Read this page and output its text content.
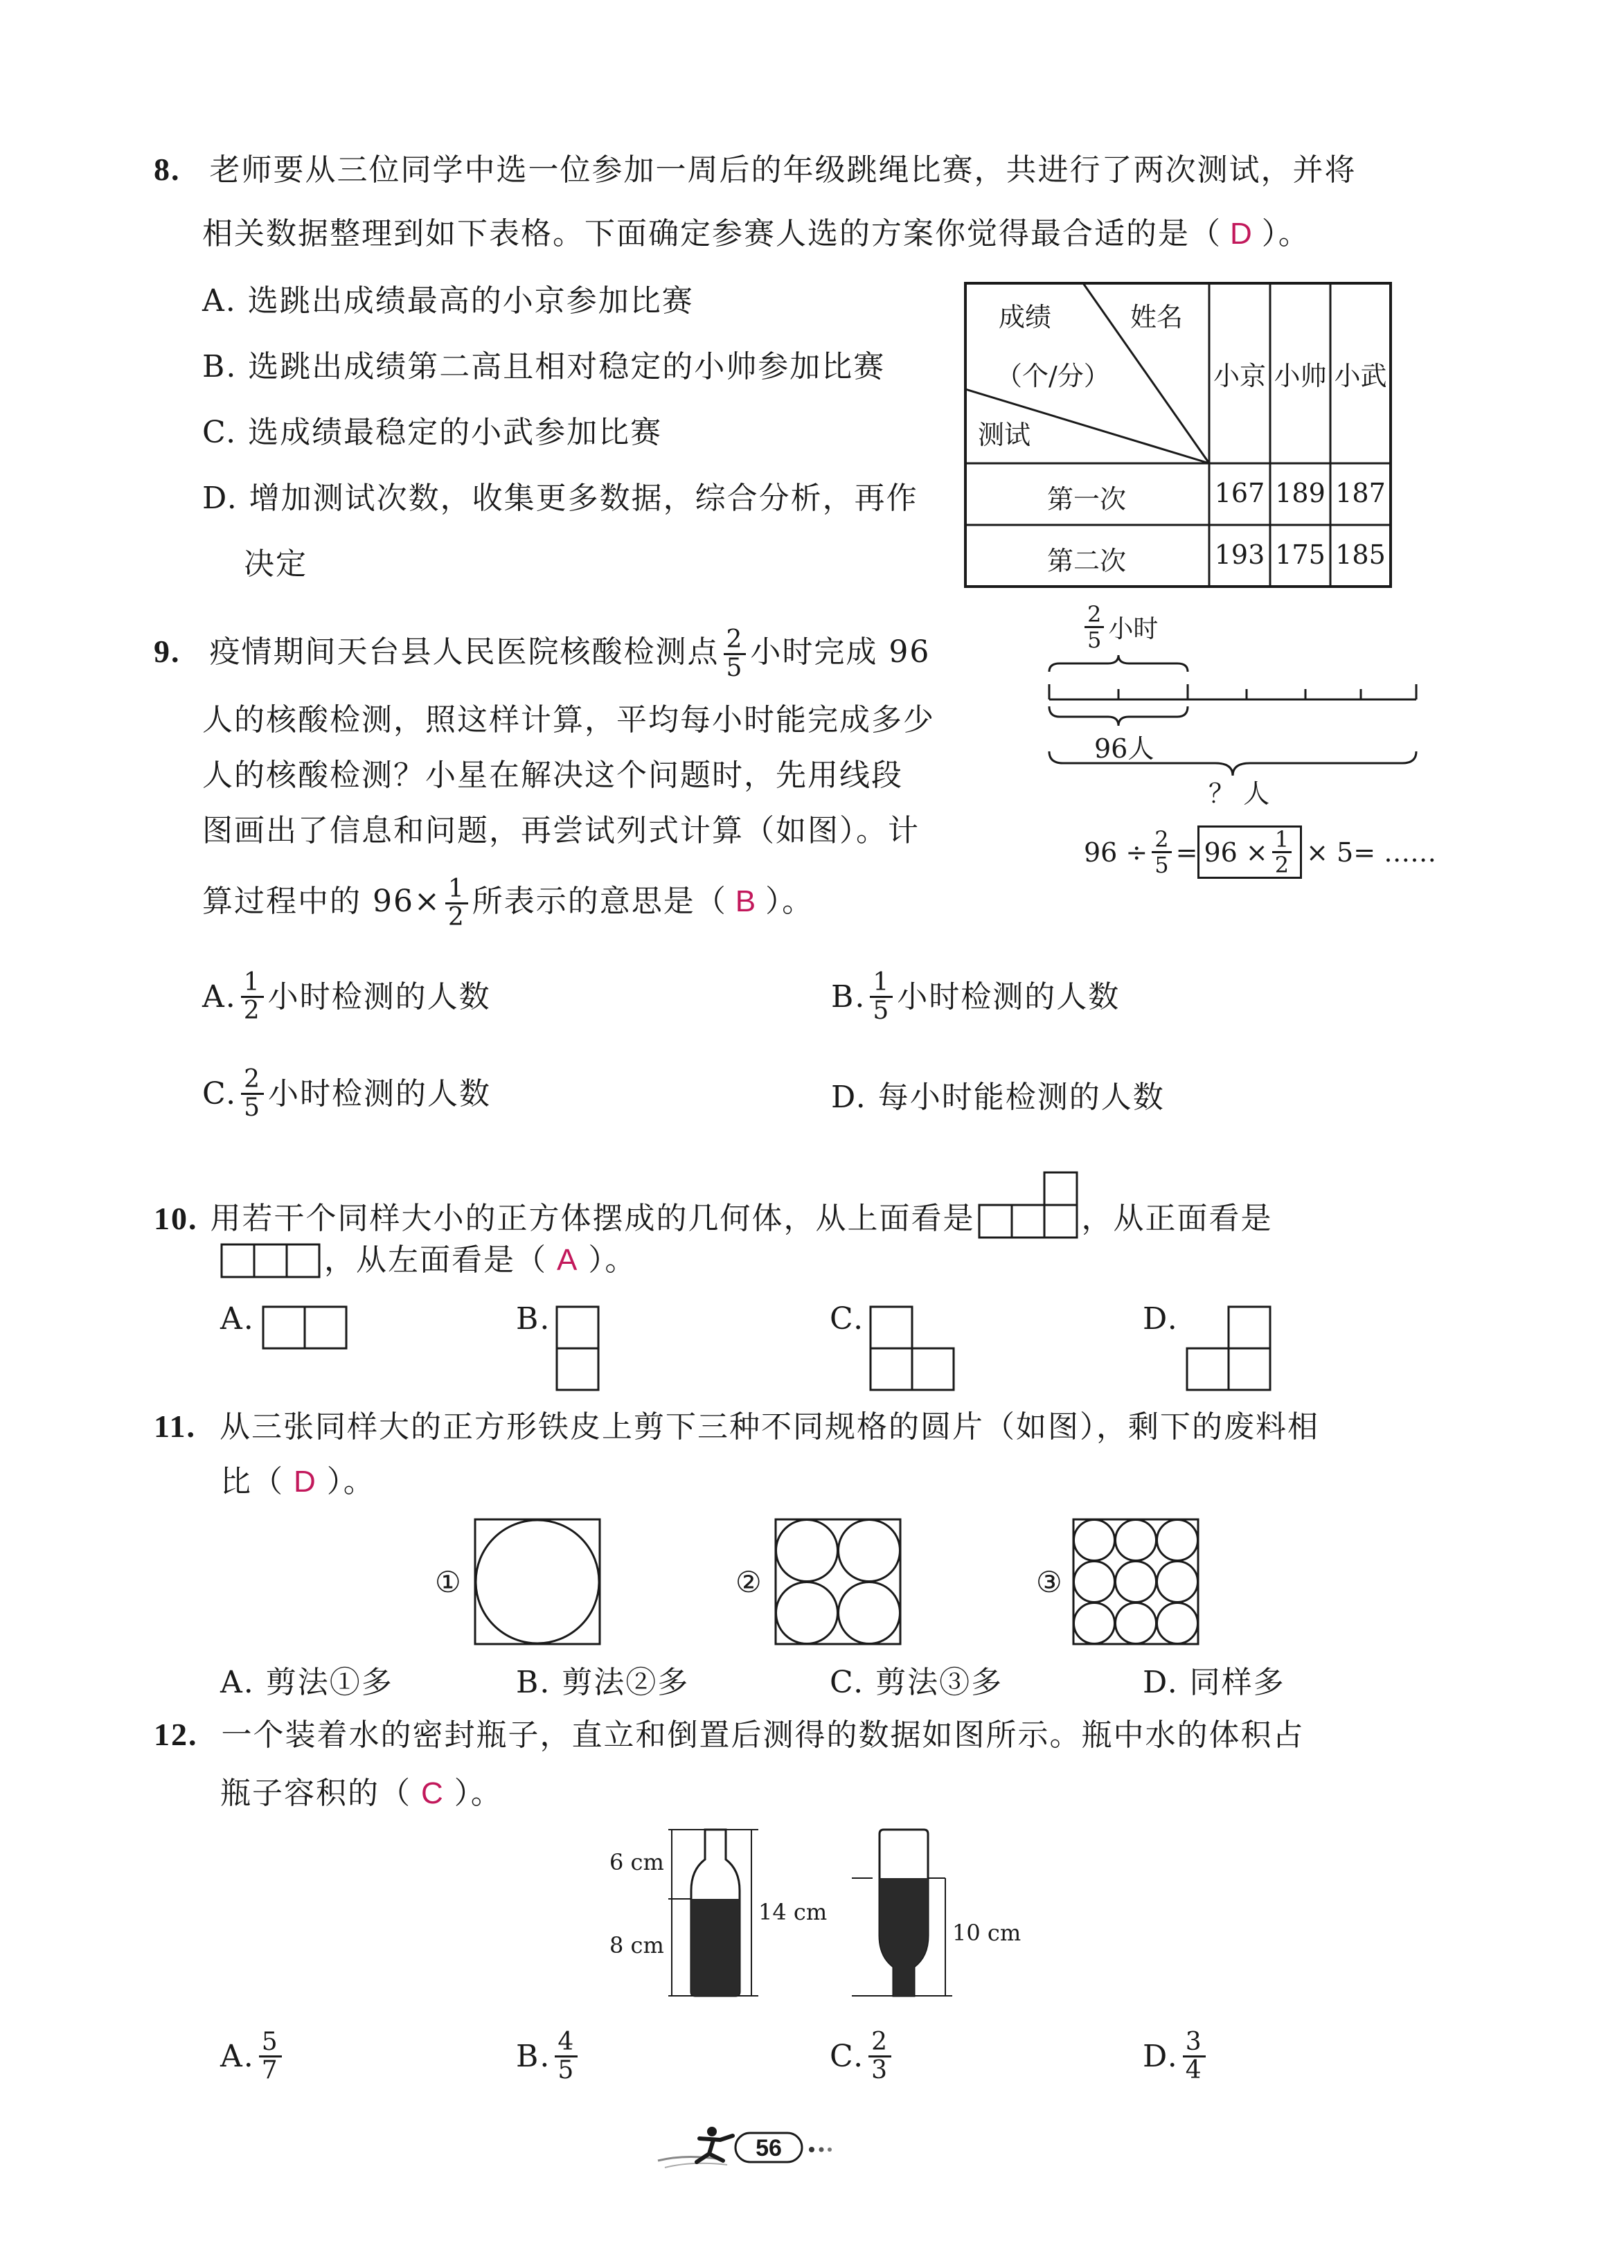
8. 老师要从三位同学中选一位参加一周后的年级跳绳比赛，共进行了两次测试，并将
相关数据整理到如下表格。下面确定参赛人选的方案你觉得最合适的是（ D ）。
A. 选跳出成绩最高的小京参加比赛
B. 选跳出成绩第二高且相对稳定的小帅参加比赛
C. 选成绩最稳定的小武参加比赛
D. 增加测试次数，收集更多数据，综合分析，再作
决定
成绩	姓名
（个/分）
测试
小京 小帅 小武
第一次	167 189 187
第二次	193 175 185
9. 疫情期间天台县人民医院核酸检测点 $\frac{2}{5}$ 小时完成 96
人的核酸检测，照这样计算，平均每小时能完成多少
人的核酸检测？小星在解决这个问题时，先用线段
图画出了信息和问题，再尝试列式计算（如图）。计
算过程中的 $96\times \frac{1}{2}$ 所表示的意思是（ B ）。
$\frac{2}{5}$ 小时
96人
？ 人
$96 \div \frac{2}{5} = 96 \times \frac{1}{2} \times 5=$ ……
A. $\frac{1}{2}$ 小时检测的人数	B. $\frac{1}{5}$ 小时检测的人数
C. $\frac{2}{5}$ 小时检测的人数	D. 每小时能检测的人数
10. 用若干个同样大小的正方体摆成的几何体，从上面看是	，从正面看是
，从左面看是（ A ）。
A.	B.	C.	D.
11. 从三张同样大的正方形铁皮上剪下三种不同规格的圆片（如图），剩下的废料相
比（ D ）。
①	②	③
A. 剪法①多	B. 剪法②多	C. 剪法③多	D. 同样多
12. 一个装着水的密封瓶子，直立和倒置后测得的数据如图所示。瓶中水的体积占
瓶子容积的（ C ）。
6 cm
8 cm
14 cm
10 cm
A. $\frac{5}{7}$	B. $\frac{4}{5}$	C. $\frac{2}{3}$	D. $\frac{3}{4}$
56
